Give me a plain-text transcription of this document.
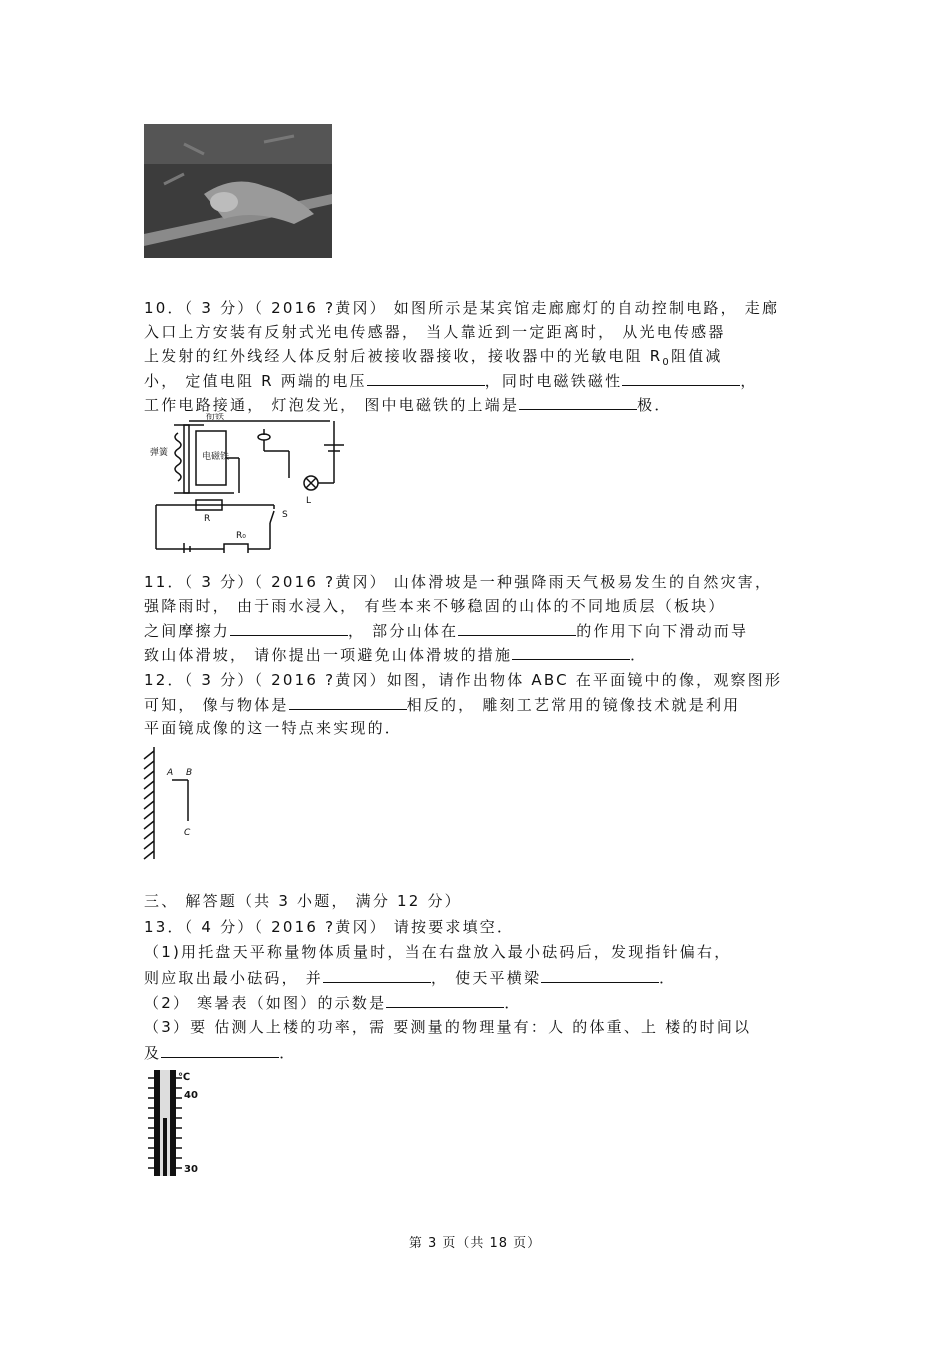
10．（ 3 分）（ 2016 ?黄冈） 如图所示是某宾馆走廊廊灯的自动控制电路， 走廊
入口上方安装有反射式光电传感器， 当人靠近到一定距离时， 从光电传感器
上发射的红外线经人体反射后被接收器接收，接收器中的光敏电阻 $R_0$阻值减
小， 定值电阻 R 两端的电压	，同时电磁铁磁性	，
工作电路接通， 灯泡发光， 图中电磁铁的上端是	极．
衔铁
弹簧	电磁铁
R
R₀
S
L
11．（ 3 分）（ 2016 ?黄冈） 山体滑坡是一种强降雨天气极易发生的自然灾害，
强降雨时， 由于雨水浸入， 有些本来不够稳固的山体的不同地质层（板块）
之间摩擦力	， 部分山体在	的作用下向下滑动而导
致山体滑坡， 请你提出一项避免山体滑坡的措施	．
12．（ 3 分）（ 2016 ?黄冈）如图，请作出物体 ABC 在平面镜中的像，观察图形
可知， 像与物体是	相反的， 雕刻工艺常用的镜像技术就是利用
平面镜成像的这一特点来实现的．
A B
C
三、 解答题（共 3 小题， 满分 12 分）
13．（ 4 分）（ 2016 ?黄冈） 请按要求填空．
（1)用托盘天平称量物体质量时，当在右盘放入最小砝码后，发现指针偏右，
则应取出最小砝码， 并	， 使天平横梁	．
（2） 寒暑表（如图）的示数是	．
（3）要 估测人上楼的功率，需 要测量的物理量有：人 的体重、上 楼的时间以
及	．
℃
40
30
第 3 页（共 18 页）
